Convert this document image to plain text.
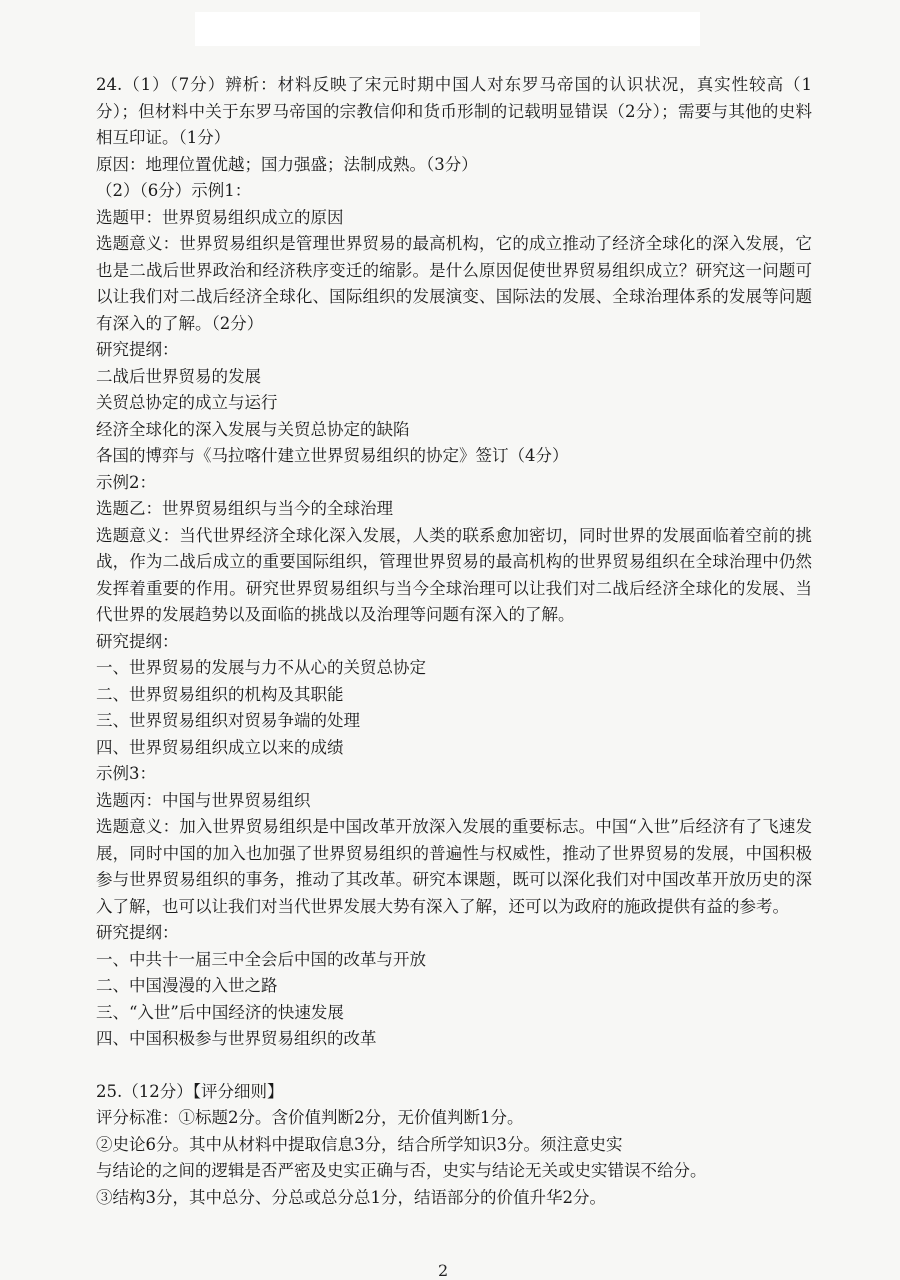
24.（1）（7分）辨析：材料反映了宋元时期中国人对东罗马帝国的认识状况，真实性较高（1分）；但材料中关于东罗马帝国的宗教信仰和货币形制的记载明显错误（2分）；需要与其他的史料相互印证。（1分）
原因：地理位置优越；国力强盛；法制成熟。（3分）
（2）（6分）示例1：
选题甲：世界贸易组织成立的原因
选题意义：世界贸易组织是管理世界贸易的最高机构，它的成立推动了经济全球化的深入发展，它也是二战后世界政治和经济秩序变迁的缩影。是什么原因促使世界贸易组织成立？研究这一问题可以让我们对二战后经济全球化、国际组织的发展演变、国际法的发展、全球治理体系的发展等问题有深入的了解。（2分）
研究提纲：
二战后世界贸易的发展
关贸总协定的成立与运行
经济全球化的深入发展与关贸总协定的缺陷
各国的博弈与《马拉喀什建立世界贸易组织的协定》签订（4分）
示例2：
选题乙：世界贸易组织与当今的全球治理
选题意义：当代世界经济全球化深入发展，人类的联系愈加密切，同时世界的发展面临着空前的挑战，作为二战后成立的重要国际组织，管理世界贸易的最高机构的世界贸易组织在全球治理中仍然发挥着重要的作用。研究世界贸易组织与当今全球治理可以让我们对二战后经济全球化的发展、当代世界的发展趋势以及面临的挑战以及治理等问题有深入的了解。
研究提纲：
一、世界贸易的发展与力不从心的关贸总协定
二、世界贸易组织的机构及其职能
三、世界贸易组织对贸易争端的处理
四、世界贸易组织成立以来的成绩
示例3：
选题丙：中国与世界贸易组织
选题意义：加入世界贸易组织是中国改革开放深入发展的重要标志。中国“入世”后经济有了飞速发展，同时中国的加入也加强了世界贸易组织的普遍性与权威性，推动了世界贸易的发展，中国积极参与世界贸易组织的事务，推动了其改革。研究本课题，既可以深化我们对中国改革开放历史的深入了解，也可以让我们对当代世界发展大势有深入了解，还可以为政府的施政提供有益的参考。
研究提纲：
一、中共十一届三中全会后中国的改革与开放
二、中国漫漫的入世之路
三、“入世”后中国经济的快速发展
四、中国积极参与世界贸易组织的改革
25.（12分）【评分细则】
评分标准：①标题2分。含价值判断2分，无价值判断1分。
②史论6分。其中从材料中提取信息3分，结合所学知识3分。须注意史实
与结论的之间的逻辑是否严密及史实正确与否，史实与结论无关或史实错误不给分。
③结构3分，其中总分、分总或总分总1分，结语部分的价值升华2分。
2
